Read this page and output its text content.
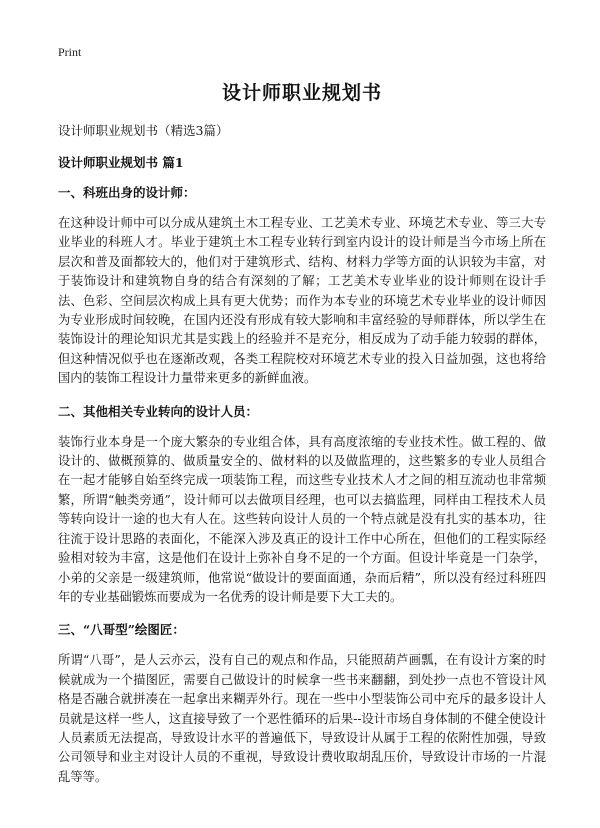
Print
设计师职业规划书
设计师职业规划书（精选3篇）
设计师职业规划书 篇1
一、科班出身的设计师：

在这种设计师中可以分成从建筑土木工程专业、工艺美术专业、环境艺术专业、等三大专业毕业的科班人才。毕业于建筑土木工程专业转行到室内设计的设计师是当今市场上所在层次和普及面都较大的，他们对于建筑形式、结构、材料力学等方面的认识较为丰富，对于装饰设计和建筑物自身的结合有深刻的了解；工艺美术专业毕业的设计师则在设计手法、色彩、空间层次构成上具有更大优势；而作为本专业的环境艺术专业毕业的设计师因为专业形成时间较晚，在国内还没有形成有较大影响和丰富经验的导师群体，所以学生在装饰设计的理论知识尤其是实践上的经验并不是充分，相反成为了动手能力较弱的群体，但这种情况似乎也在逐渐改观，各类工程院校对环境艺术专业的投入日益加强，这也将给国内的装饰工程设计力量带来更多的新鲜血液。

二、其他相关专业转向的设计人员：

装饰行业本身是一个庞大繁杂的专业组合体，具有高度浓缩的专业技术性。做工程的、做设计的、做概预算的、做质量安全的、做材料的以及做监理的，这些繁多的专业人员组合在一起才能够自始至终完成一项装饰工程，而这些专业技术人才之间的相互流动也非常频繁，所谓“触类旁通”，设计师可以去做项目经理，也可以去搞监理，同样由工程技术人员等转向设计一途的也大有人在。这些转向设计人员的一个特点就是没有扎实的基本功，往往流于设计思路的表面化，不能深入涉及真正的设计工作中心所在，但他们的工程实际经验相对较为丰富，这是他们在设计上弥补自身不足的一个方面。但设计毕竟是一门杂学，小弟的父亲是一级建筑师，他常说“做设计的要面面通，杂而后精”，所以没有经过科班四年的专业基础锻炼而要成为一名优秀的设计师是要下大工夫的。

三、“八哥型”绘图匠：

所谓“八哥”，是人云亦云，没有自己的观点和作品，只能照葫芦画瓢，在有设计方案的时候就成为一个描图匠，需要自己做设计的时候拿一些书来翻翻，到处抄一点也不管设计风格是否融合就拼凑在一起拿出来糊弄外行。现在一些中小型装饰公司中充斥的最多设计人员就是这样一些人，这直接导致了一个恶性循环的后果--设计市场自身体制的不健全使设计人员素质无法提高，导致设计水平的普遍低下，导致设计从属于工程的依附性加强，导致公司领导和业主对设计人员的不重视，导致设计费收取胡乱压价，导致设计市场的一片混乱等等。
